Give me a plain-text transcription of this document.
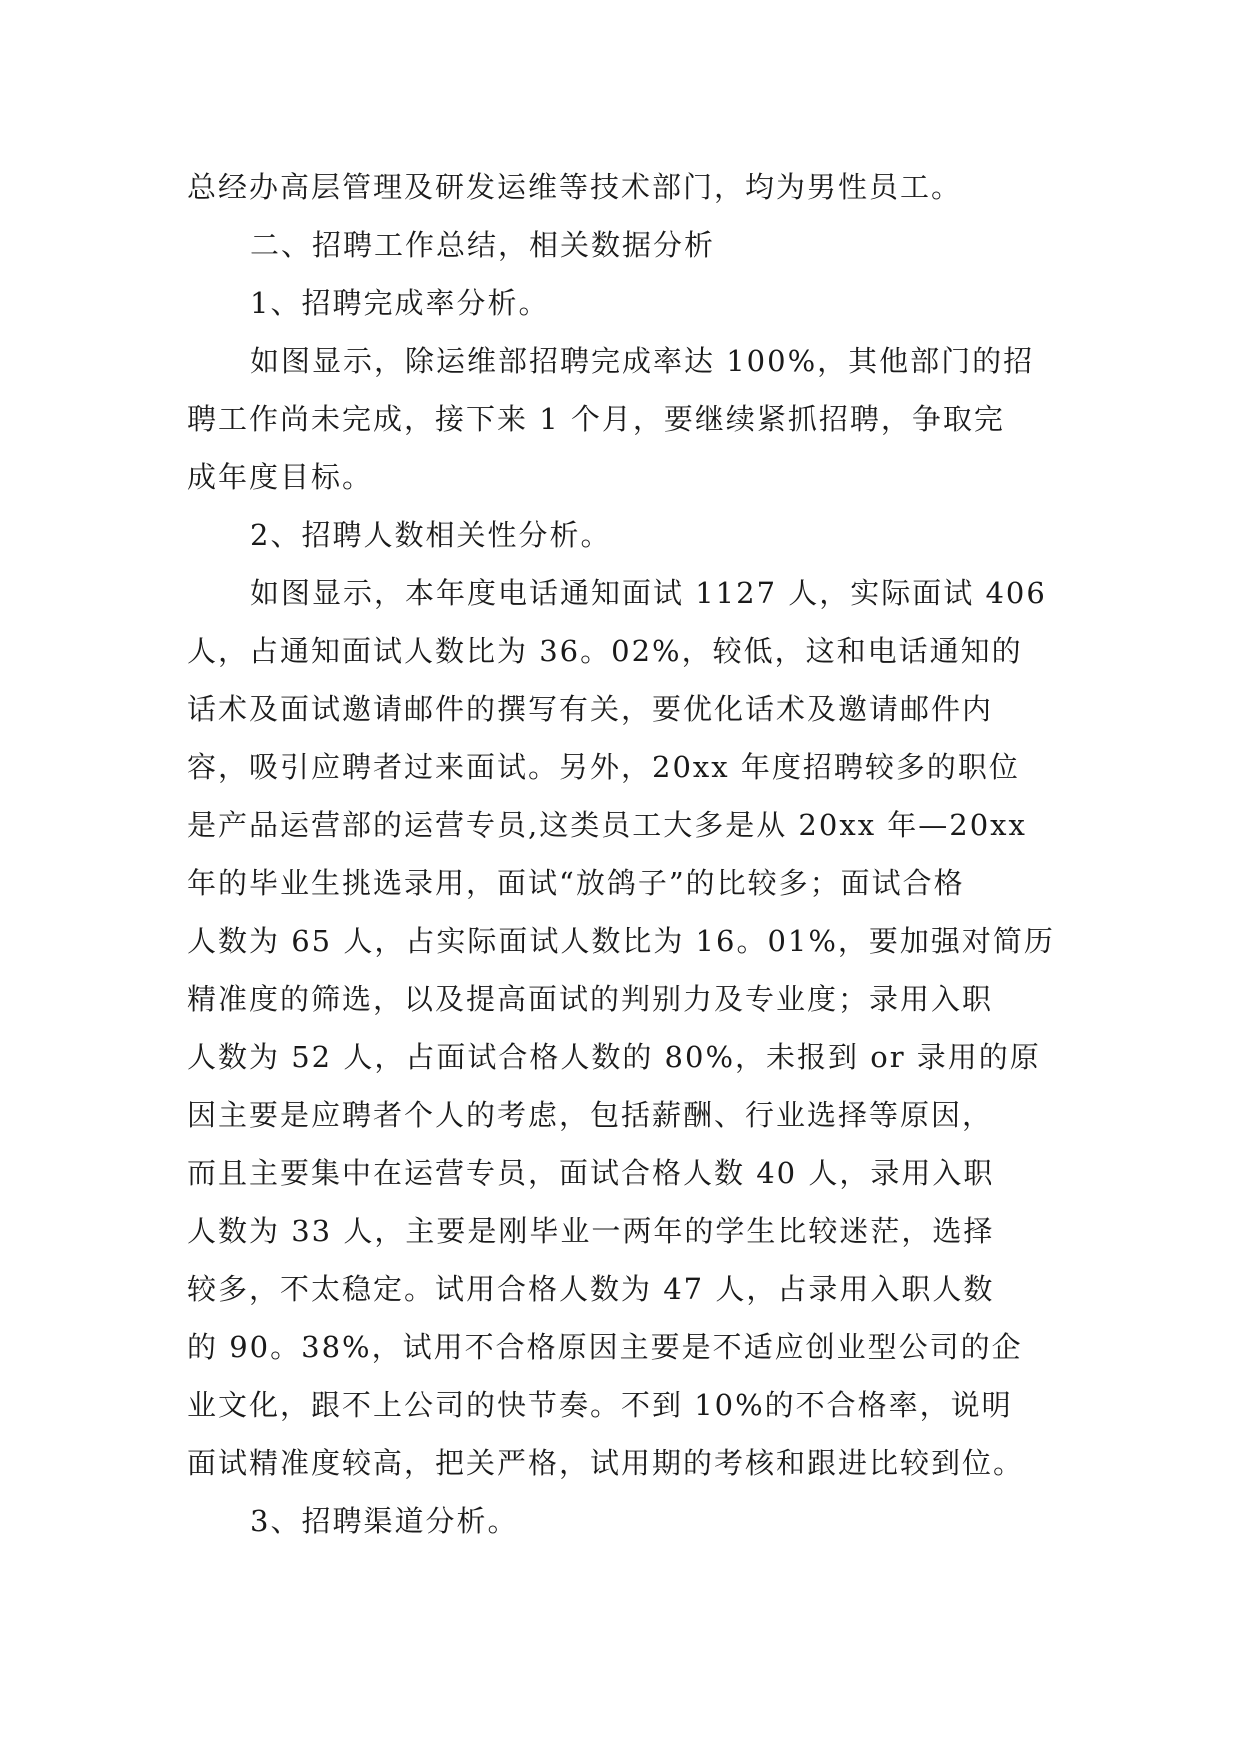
总经办高层管理及研发运维等技术部门，均为男性员工。
二、招聘工作总结，相关数据分析
1、招聘完成率分析。
如图显示，除运维部招聘完成率达 100%，其他部门的招
聘工作尚未完成，接下来 1 个月，要继续紧抓招聘，争取完
成年度目标。
2、招聘人数相关性分析。
如图显示，本年度电话通知面试 1127 人，实际面试 406
人，占通知面试人数比为 36。02%，较低，这和电话通知的
话术及面试邀请邮件的撰写有关，要优化话术及邀请邮件内
容，吸引应聘者过来面试。另外，20xx 年度招聘较多的职位
是产品运营部的运营专员,这类员工大多是从 20xx 年—20xx
年的毕业生挑选录用，面试“放鸽子”的比较多；面试合格
人数为 65 人，占实际面试人数比为 16。01%，要加强对简历
精准度的筛选，以及提高面试的判别力及专业度；录用入职
人数为 52 人，占面试合格人数的 80%，未报到 or 录用的原
因主要是应聘者个人的考虑，包括薪酬、行业选择等原因，
而且主要集中在运营专员，面试合格人数 40 人，录用入职
人数为 33 人，主要是刚毕业一两年的学生比较迷茫，选择
较多，不太稳定。试用合格人数为 47 人，占录用入职人数
的 90。38%，试用不合格原因主要是不适应创业型公司的企
业文化，跟不上公司的快节奏。不到 10%的不合格率，说明
面试精准度较高，把关严格，试用期的考核和跟进比较到位。
3、招聘渠道分析。
